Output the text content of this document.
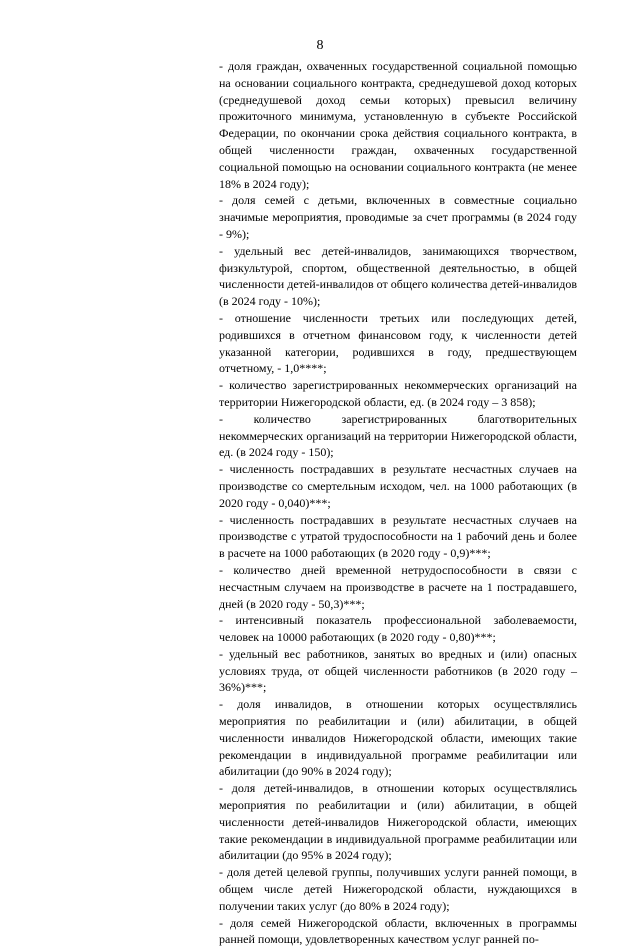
8

- доля граждан, охваченных государственной социальной помощью на основании социального контракта, среднедушевой доход которых (среднедушевой доход семьи которых) превысил величину прожиточного минимума, установленную в субъекте Российской Федерации, по окончании срока действия социального контракта, в общей численности граждан, охваченных государственной социальной помощью на основании социального контракта (не менее 18% в 2024 году);

- доля семей с детьми, включенных в совместные социально значимые мероприятия, проводимые за счет программы (в 2024 году - 9%);

- удельный вес детей-инвалидов, занимающихся творчеством, физкультурой, спортом, общественной деятельностью, в общей численности детей-инвалидов от общего количества детей-инвалидов (в 2024 году - 10%);

- отношение численности третьих или последующих детей, родившихся в отчетном финансовом году, к численности детей указанной категории, родившихся в году, предшествующем отчетному, - 1,0****;

- количество зарегистрированных некоммерческих организаций на территории Нижегородской области, ед. (в 2024 году – 3 858);

- количество зарегистрированных благотворительных некоммерческих организаций на территории Нижегородской области, ед. (в 2024 году - 150);

- численность пострадавших в результате несчастных случаев на производстве со смертельным исходом, чел. на 1000 работающих (в 2020 году - 0,040)***;

- численность пострадавших в результате несчастных случаев на производстве с утратой трудоспособности на 1 рабочий день и более в расчете на 1000 работающих (в 2020 году - 0,9)***;

- количество дней временной нетрудоспособности в связи с несчастным случаем на производстве в расчете на 1 пострадавшего, дней (в 2020 году - 50,3)***;

- интенсивный показатель профессиональной заболеваемости, человек на 10000 работающих (в 2020 году - 0,80)***;

- удельный вес работников, занятых во вредных и (или) опасных условиях труда, от общей численности работников (в 2020 году – 36%)***;

- доля инвалидов, в отношении которых осуществлялись мероприятия по реабилитации и (или) абилитации, в общей численности инвалидов Нижегородской области, имеющих такие рекомендации в индивидуальной программе реабилитации или абилитации (до 90% в 2024 году);

- доля детей-инвалидов, в отношении которых осуществлялись мероприятия по реабилитации и (или) абилитации, в общей численности детей-инвалидов Нижегородской области, имеющих такие рекомендации в индивидуальной программе реабилитации или абилитации (до 95% в 2024 году);

- доля детей целевой группы, получивших услуги ранней помощи, в общем числе детей Нижегородской области, нуждающихся в получении таких услуг (до 80% в 2024 году);

- доля семей Нижегородской области, включенных в программы ранней помощи, удовлетворенных качеством услуг ранней по-
